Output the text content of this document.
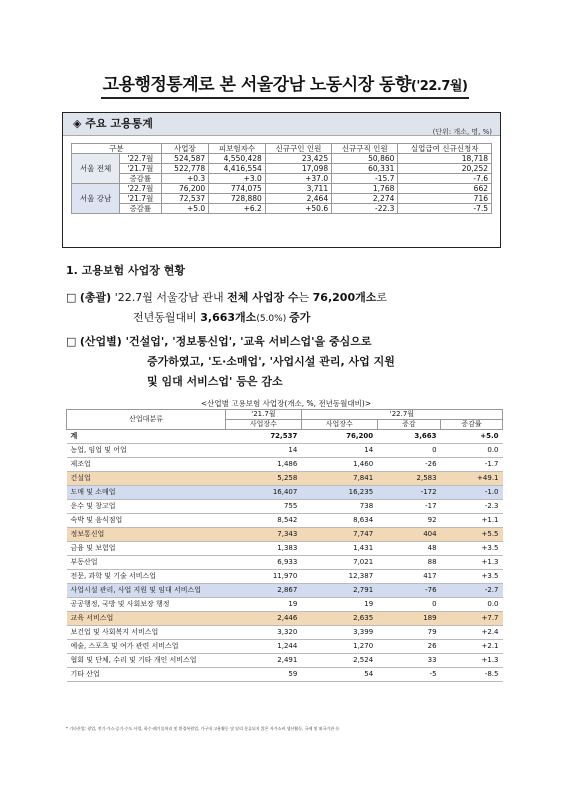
고용행정통계로 본 서울강남 노동시장 동향('22.7월)
◈ 주요 고용통계
(단위: 개소, 명, %)
구분		사업장	피보험자수	신규구인 인원	신규구직 인원	실업급여 신규신청자
서울 전체	'22.7월	524,587	4,550,428	23,425	50,860	18,718
	'21.7월	522,778	4,416,554	17,098	60,331	20,252
	증감률	+0.3	+3.0	+37.0	-15.7	-7.6
서울 강남	'22.7월	76,200	774,075	3,711	1,768	662
	'21.7월	72,537	728,880	2,464	2,274	716
	증감률	+5.0	+6.2	+50.6	-22.3	-7.5
1. 고용보험 사업장 현황
□ (총괄) '22.7월 서울강남 관내 전체 사업장 수는 76,200개소로
전년동월대비 3,663개소(5.0%) 증가
□ (산업별) '건설업', '정보통신업', '교육 서비스업'을 중심으로
증가하였고, '도·소매업', '사업시설 관리, 사업 지원
및 임대 서비스업' 등은 감소
<산업별 고용보험 사업장(개소, %, 전년동월대비)>
산업대분류	'21.7월	'22.7월		
	사업장수	사업장수	증감	증감률
계	72,537	76,200	3,663	+5.0
농업, 임업 및 어업	14	14	0	0.0
제조업	1,486	1,460	-26	-1.7
건설업	5,258	7,841	2,583	+49.1
도매 및 소매업	16,407	16,235	-172	-1.0
운수 및 창고업	755	738	-17	-2.3
숙박 및 음식점업	8,542	8,634	92	+1.1
정보통신업	7,343	7,747	404	+5.5
금융 및 보험업	1,383	1,431	48	+3.5
부동산업	6,933	7,021	88	+1.3
전문, 과학 및 기술 서비스업	11,970	12,387	417	+3.5
사업시설 관리, 사업 지원 및 임대 서비스업	2,867	2,791	-76	-2.7
공공행정, 국방 및 사회보장 행정	19	19	0	0.0
교육 서비스업	2,446	2,635	189	+7.7
보건업 및 사회복지 서비스업	3,320	3,399	79	+2.4
예술, 스포츠 및 여가 관련 서비스업	1,244	1,270	26	+2.1
협회 및 단체, 수리 및 기타 개인 서비스업	2,491	2,524	33	+1.3
기타 산업	59	54	-5	-8.5
* 기타산업: 광업, 전기·가스·증기·수도 사업, 하수·폐기물처리 및 환경복원업, 가구내 고용활동 및 달리 분류되지 않은 자가소비 생산활동, 국제 및 외국기관 등
